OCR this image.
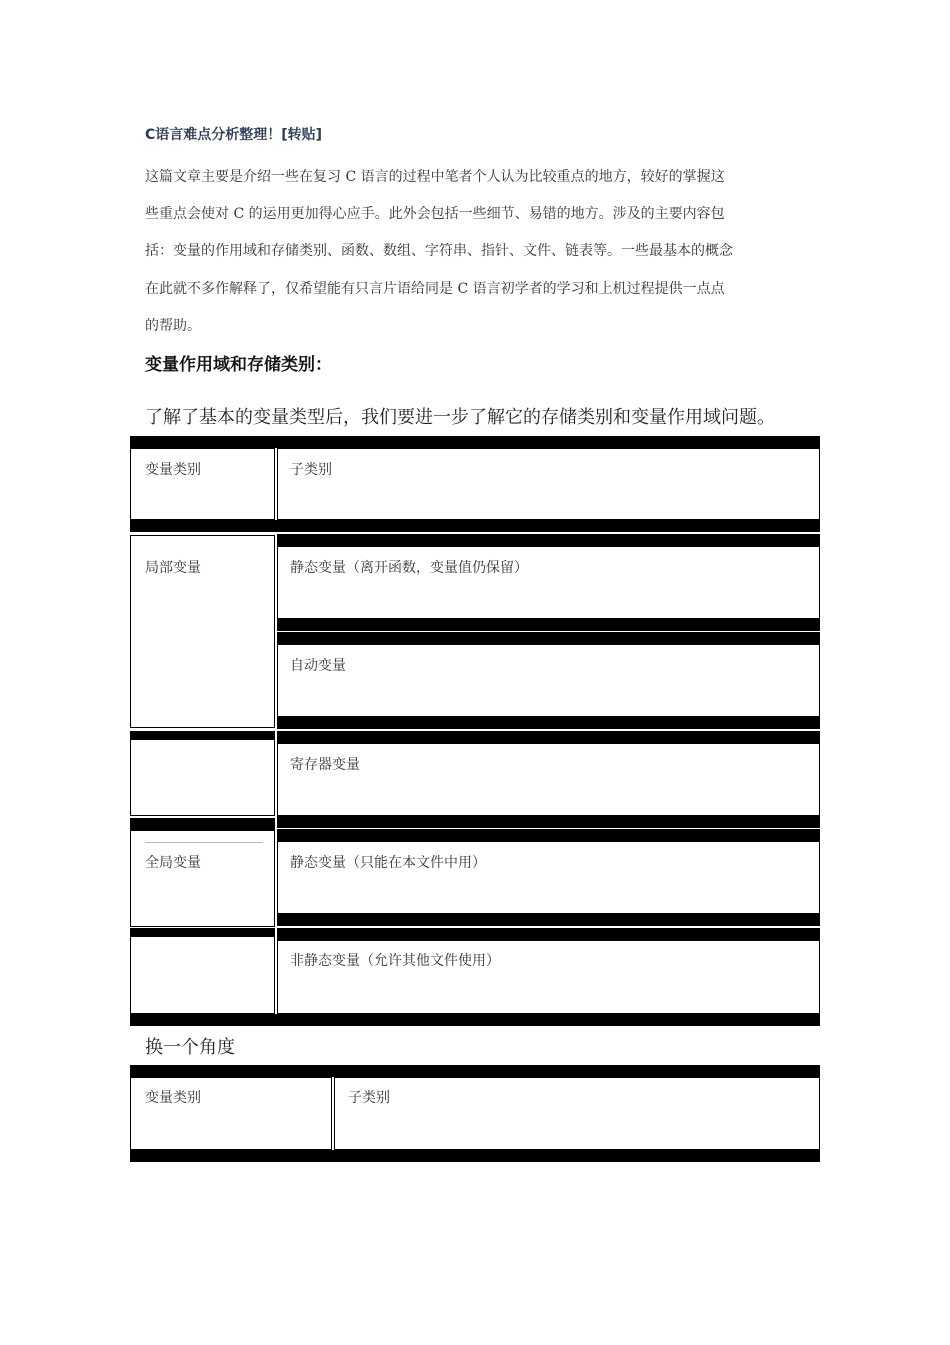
C语言难点分析整理！[转贴]
这篇文章主要是介绍一些在复习 C 语言的过程中笔者个人认为比较重点的地方，较好的掌握这
些重点会使对 C 的运用更加得心应手。此外会包括一些细节、易错的地方。涉及的主要内容包
括：变量的作用域和存储类别、函数、数组、字符串、指针、文件、链表等。一些最基本的概念
在此就不多作解释了，仅希望能有只言片语给同是 C 语言初学者的学习和上机过程提供一点点
的帮助。
变量作用域和存储类别：
了解了基本的变量类型后，我们要进一步了解它的存储类别和变量作用域问题。
变量类别	子类别
局部变量	静态变量（离开函数，变量值仍保留）
自动变量
寄存器变量
全局变量	静态变量（只能在本文件中用）
非静态变量（允许其他文件使用）
换一个角度
变量类别	子类别
